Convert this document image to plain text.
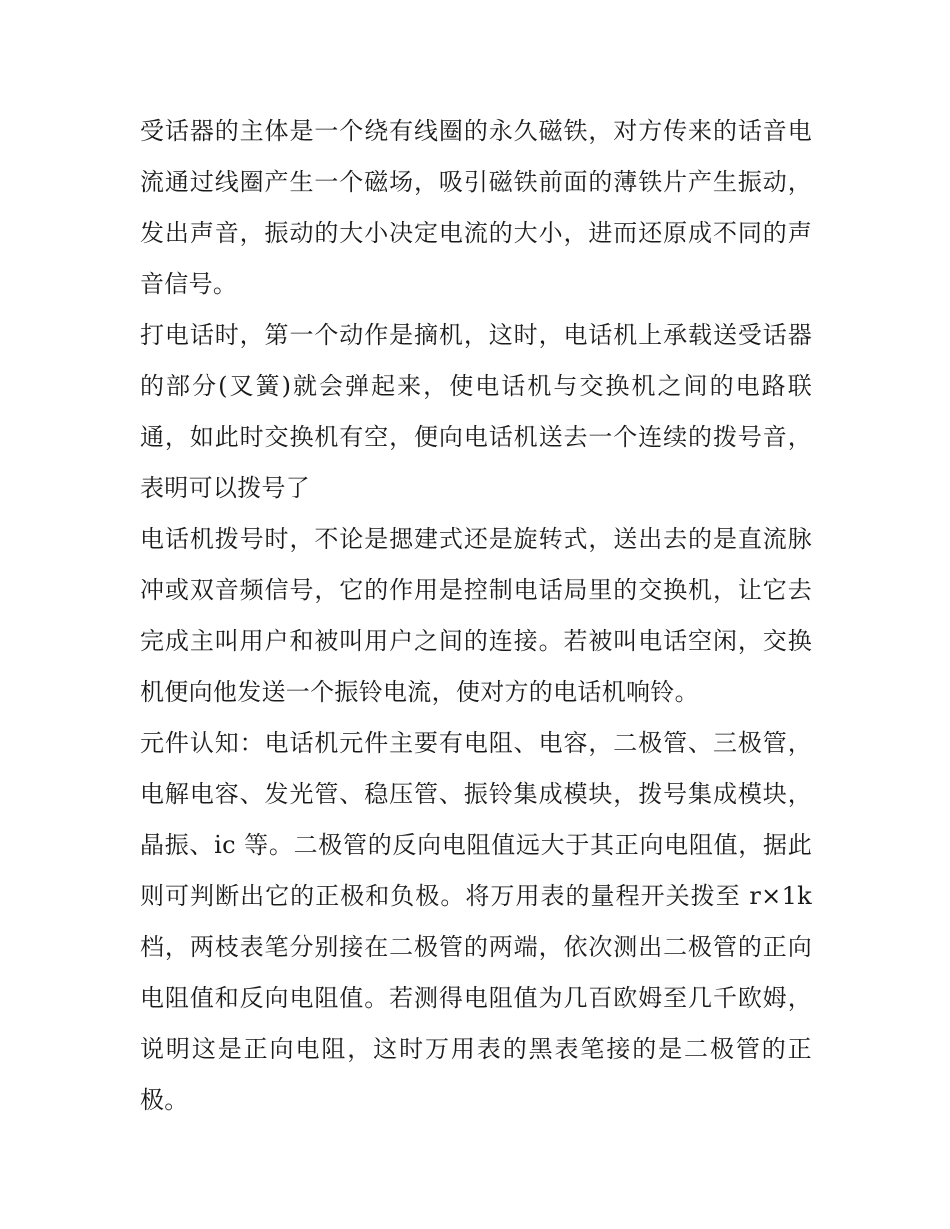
受话器的主体是一个绕有线圈的永久磁铁，对方传来的话音电
流通过线圈产生一个磁场，吸引磁铁前面的薄铁片产生振动，
发出声音，振动的大小决定电流的大小，进而还原成不同的声
音信号。
打电话时，第一个动作是摘机，这时，电话机上承载送受话器
的部分(叉簧)就会弹起来，使电话机与交换机之间的电路联
通，如此时交换机有空，便向电话机送去一个连续的拨号音，
表明可以拨号了
电话机拨号时，不论是揌建式还是旋转式，送出去的是直流脉
冲或双音频信号，它的作用是控制电话局里的交换机，让它去
完成主叫用户和被叫用户之间的连接。若被叫电话空闲，交换
机便向他发送一个振铃电流，使对方的电话机响铃。
元件认知：电话机元件主要有电阻、电容，二极管、三极管，
电解电容、发光管、稳压管、振铃集成模块，拨号集成模块，
晶振、ic 等。二极管的反向电阻值远大于其正向电阻值，据此
则可判断出它的正极和负极。将万用表的量程开关拨至 r×1k
档，两枝表笔分别接在二极管的两端，依次测出二极管的正向
电阻值和反向电阻值。若测得电阻值为几百欧姆至几千欧姆，
说明这是正向电阻，这时万用表的黑表笔接的是二极管的正
极。
